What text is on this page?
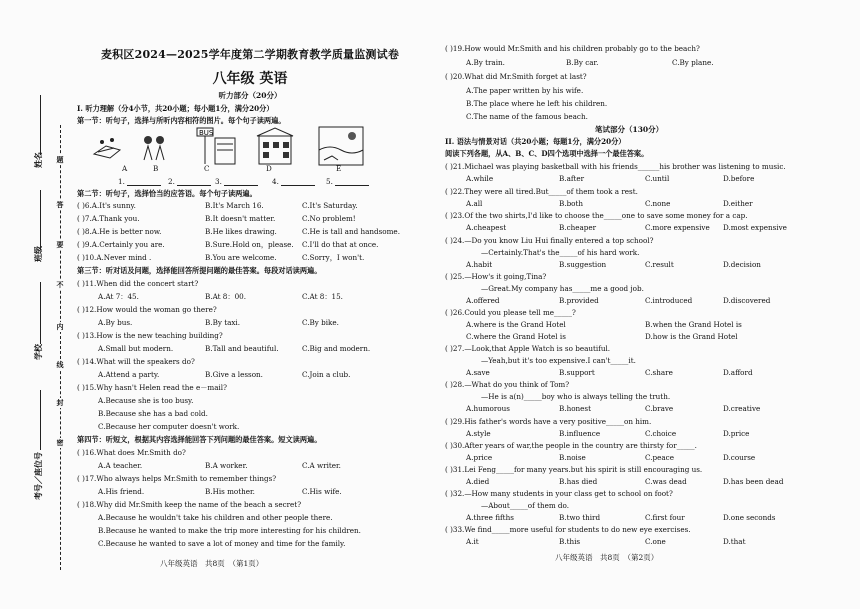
题
答
要
不
内
线
封
密
姓名
班级
学校
考号／座位号
麦积区2024—2025学年度第二学期教育教学质量监测试卷
八年级 英语
听力部分（20分）
I. 听力理解（分4小节，共20小题；每小题1分，满分20分）
第一节：听句子，选择与所听内容相符的图片。每个句子读两遍。
BUS
A	B	C	D	E
1.	2.	3.	4.	5.
第二节：听句子，选择恰当的应答语。每个句子读两遍。
( )6.A.It's sunny.	B.It's March 16.	C.It's Saturday.
( )7.A.Thank you.	B.It doesn't matter.	C.No problem!
( )8.A.He is better now.	B.He likes drawing.	C.He is tall and handsome.
( )9.A.Certainly you are.	B.Sure.Hold on，please. C.I'll do that at once.
( )10.A.Never mind .	B.You are welcome.	C.Sorry，I won't.
第三节：听对话及问题，选择能回答所提问题的最佳答案。每段对话读两遍。
( )11.When did the concert start?
A.At 7：45.	B.At 8：00.	C.At 8：15.
( )12.How would the woman go there?
A.By bus.	B.By taxi.	C.By bike.
( )13.How is the new teaching building?
A.Small but modern.	B.Tall and beautiful.	C.Big and modern.
( )14.What will the speakers do?
A.Attend a party.	B.Give a lesson.	C.Join a club.
( )15.Why hasn't Helen read the e－mail?
A.Because she is too busy.
B.Because she has a bad cold.
C.Because her computer doesn't work.
第四节：听短文，根据其内容选择能回答下列问题的最佳答案。短文读两遍。
( )16.What does Mr.Smith do?
A.A teacher.	B.A worker.	C.A writer.
( )17.Who always helps Mr.Smith to remember things?
A.His friend.	B.His mother.	C.His wife.
( )18.Why did Mr.Smith keep the name of the beach a secret?
A.Because he wouldn't take his children and other people there.
B.Because he wanted to make the trip more interesting for his children.
C.Because he wanted to save a lot of money and time for the family.
八年级英语　共8页　（第1页）
( )19.How would Mr.Smith and his children probably go to the beach?
A.By train.	B.By car.	C.By plane.
( )20.What did Mr.Smith forget at last?
A.The paper written by his wife.
B.The place where he left his children.
C.The name of the famous beach.
笔试部分（130分）
II. 语法与情景对话（共20小题；每题1分，满分20分）
阅读下列各题，从A、B、C、D四个选项中选择一个最佳答案。
( )21.Michael was playing basketball with his friends______his brother was listening to music.
A.while	B.after	C.until	D.before
( )22.They were all tired.But_____of them took a rest.
A.all	B.both	C.none	D.either
( )23.Of the two shirts,I'd like to choose the_____one to save some money for a cap.
A.cheapest	B.cheaper	C.more expensive D.most expensive
( )24.—Do you know Liu Hui finally entered a top school?
—Certainly.That's the_____of his hard work.
A.habit	B.suggestion	C.result	D.decision
( )25.—How's it going,Tina?
—Great.My company has_____me a good job.
A.offered	B.provided	C.introduced	D.discovered
( )26.Could you please tell me_____?
A.where is the Grand Hotel	B.when the Grand Hotel is
C.where the Grand Hotel is	D.how is the Grand Hotel
( )27.—Look,that Apple Watch is so beautiful.
—Yeah,but it's too expensive.I can't_____it.
A.save	B.support	C.share	D.afford
( )28.—What do you think of Tom?
—He is a(n)_____boy who is always telling the truth.
A.humorous	B.honest	C.brave	D.creative
( )29.His father's words have a very positive_____on him.
A.style	B.influence	C.choice	D.price
( )30.After years of war,the people in the country are thirsty for_____.
A.price	B.noise	C.peace	D.course
( )31.Lei Feng_____for many years.but his spirit is still encouraging us.
A.died	B.has died	C.was dead	D.has been dead
( )32.—How many students in your class get to school on foot?
—About_____of them do.
A.three fifths	B.two third	C.first four	D.one seconds
( )33.We find_____more useful for students to do new eye exercises.
A.it	B.this	C.one	D.that
八年级英语　共8页　（第2页）
